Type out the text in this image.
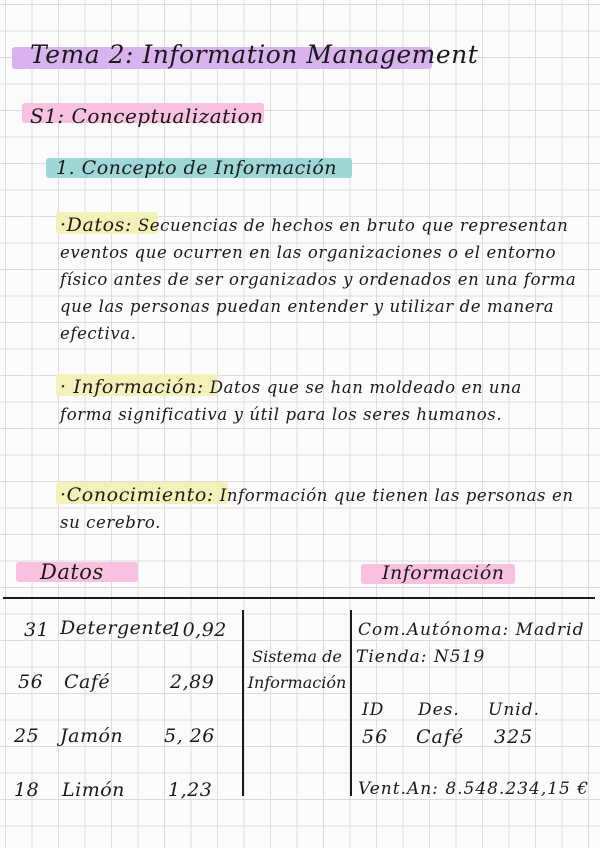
Tema 2: Information Management
S1: Conceptualization
1. Concepto de Información
·Datos: Secuencias de hechos en bruto que representan eventos que ocurren en las organizaciones o el entorno físico antes de ser organizados y ordenados en una forma que las personas puedan entender y utilizar de manera efectiva.
· Información: Datos que se han moldeado en una forma significativa y útil para los seres humanos.
·Conocimiento: Información que tienen las personas en su cerebro.
Datos	Información
31 Detergente
10,92
56 Café	2,89
25 Jamón 5, 26
18 Limón 1,23
Sistema de Información
Com.Autónoma: Madrid
Tienda: N519
ID Des. Unid.
56 Café 325
Vent.An: 8.548.234,15 €
